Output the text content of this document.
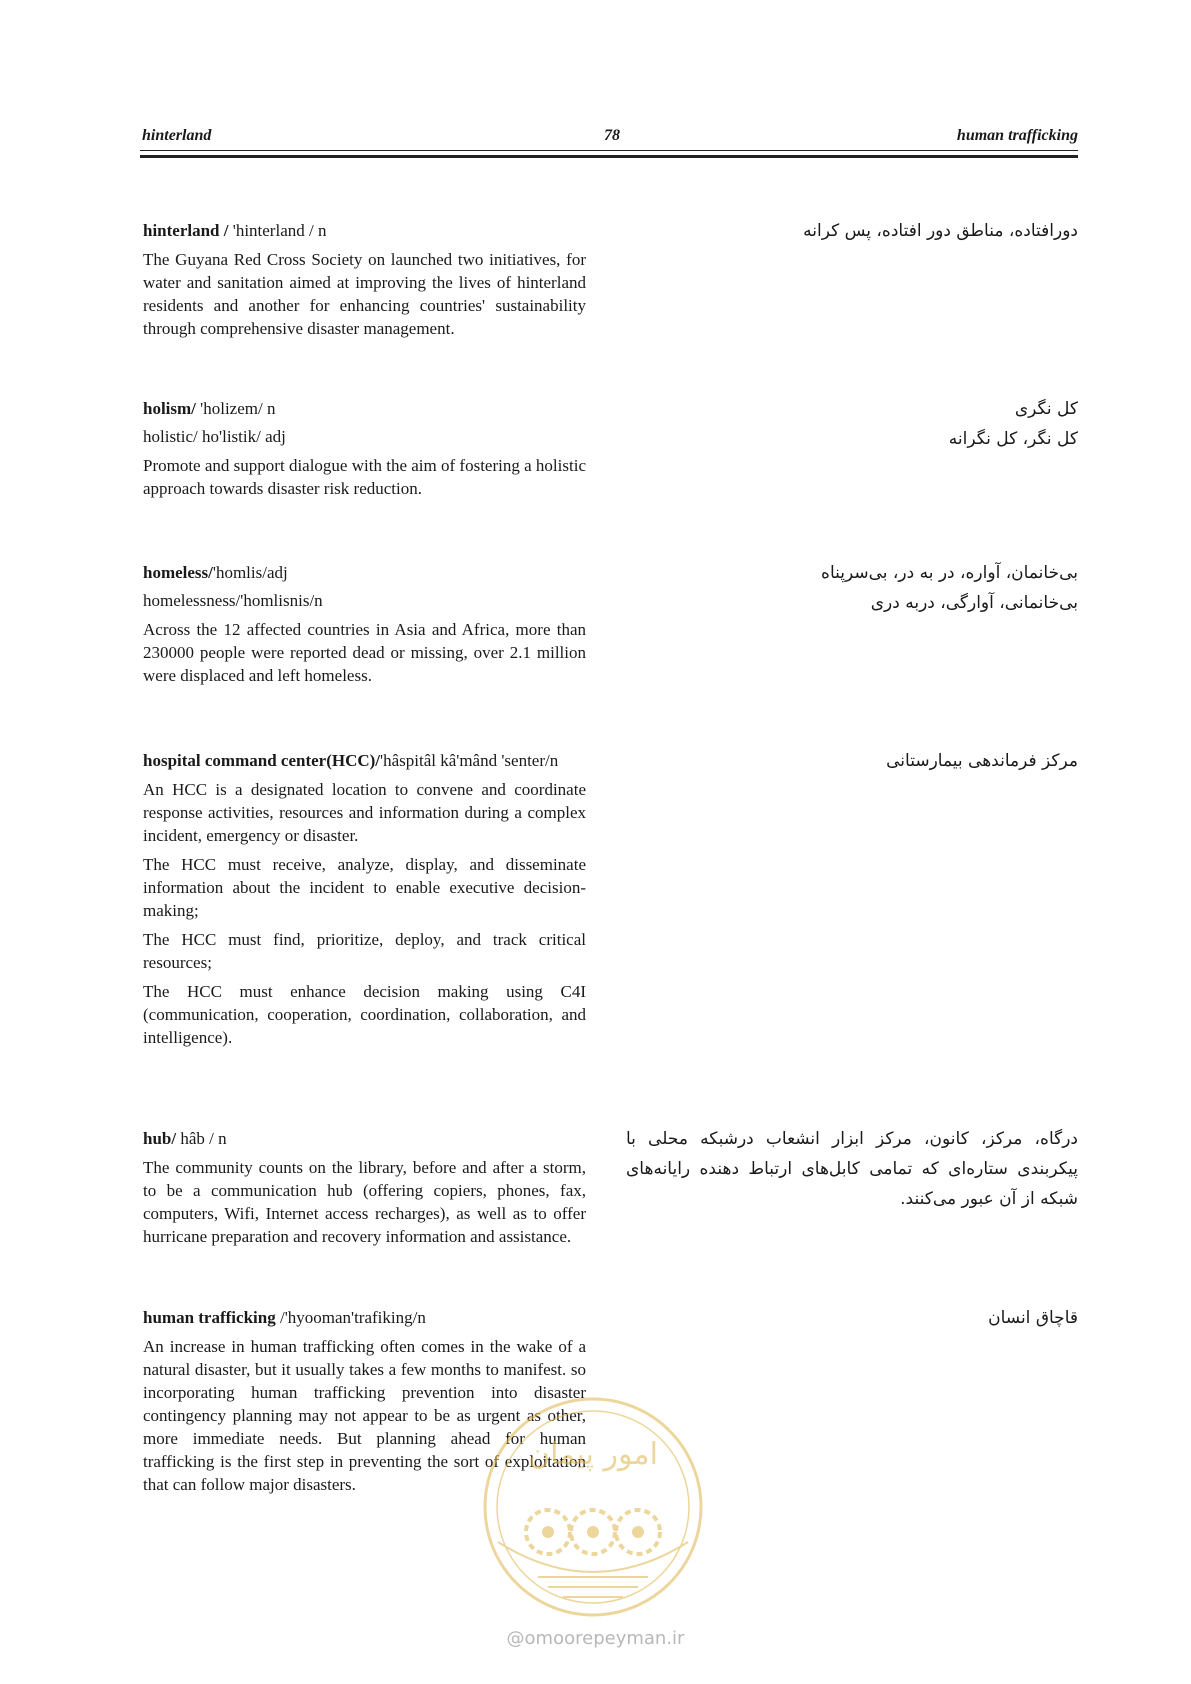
hinterland	78	human trafficking

hinterland / 'hinterland / n

The Guyana Red Cross Society on launched two initiatives, for water and sanitation aimed at improving the lives of hinterland residents and another for enhancing countries' sustainability through comprehensive disaster management.

دورافتاده، مناطق دور افتاده، پس کرانه

holism/ 'holizem/ n

holistic/ ho'listik/ adj

Promote and support dialogue with the aim of fostering a holistic approach towards disaster risk reduction.

کل نگری
کل نگر، کل نگرانه

homeless/'homlis/adj

homelessness/'homlisnis/n

Across the 12 affected countries in Asia and Africa, more than 230000 people were reported dead or missing, over 2.1 million were displaced and left homeless.

بی‌خانمان، آواره، در به در، بی‌سرپناه
بی‌خانمانی، آوارگی، دربه دری

hospital command center(HCC)/'hâspitâl kâ'mând 'senter/n

An HCC is a designated location to convene and coordinate response activities, resources and information during a complex incident, emergency or disaster.

The HCC must receive, analyze, display, and disseminate information about the incident to enable executive decision-making;

The HCC must find, prioritize, deploy, and track critical resources;

The HCC must enhance decision making using C4I (communication, cooperation, coordination, collaboration, and intelligence).

مرکز فرماندهی بیمارستانی

hub/ hâb / n

The community counts on the library, before and after a storm, to be a communication hub (offering copiers, phones, fax, computers, Wifi, Internet access recharges), as well as to offer hurricane preparation and recovery information and assistance.

درگاه، مرکز، کانون، مرکز ابزار انشعاب درشبکه محلی با پیکربندی ستاره‌ای که تمامی کابل‌های ارتباط دهنده رایانه‌های شبکه از آن عبور می‌کنند.

human trafficking /'hyooman'trafiking/n

An increase in human trafficking often comes in the wake of a natural disaster, but it usually takes a few months to manifest. so incorporating human trafficking prevention into disaster contingency planning may not appear to be as urgent as other, more immediate needs. But planning ahead for human trafficking is the first step in preventing the sort of exploitation that can follow major disasters.

قاچاق انسان
امور پیمان
@omoorepeyman.ir
